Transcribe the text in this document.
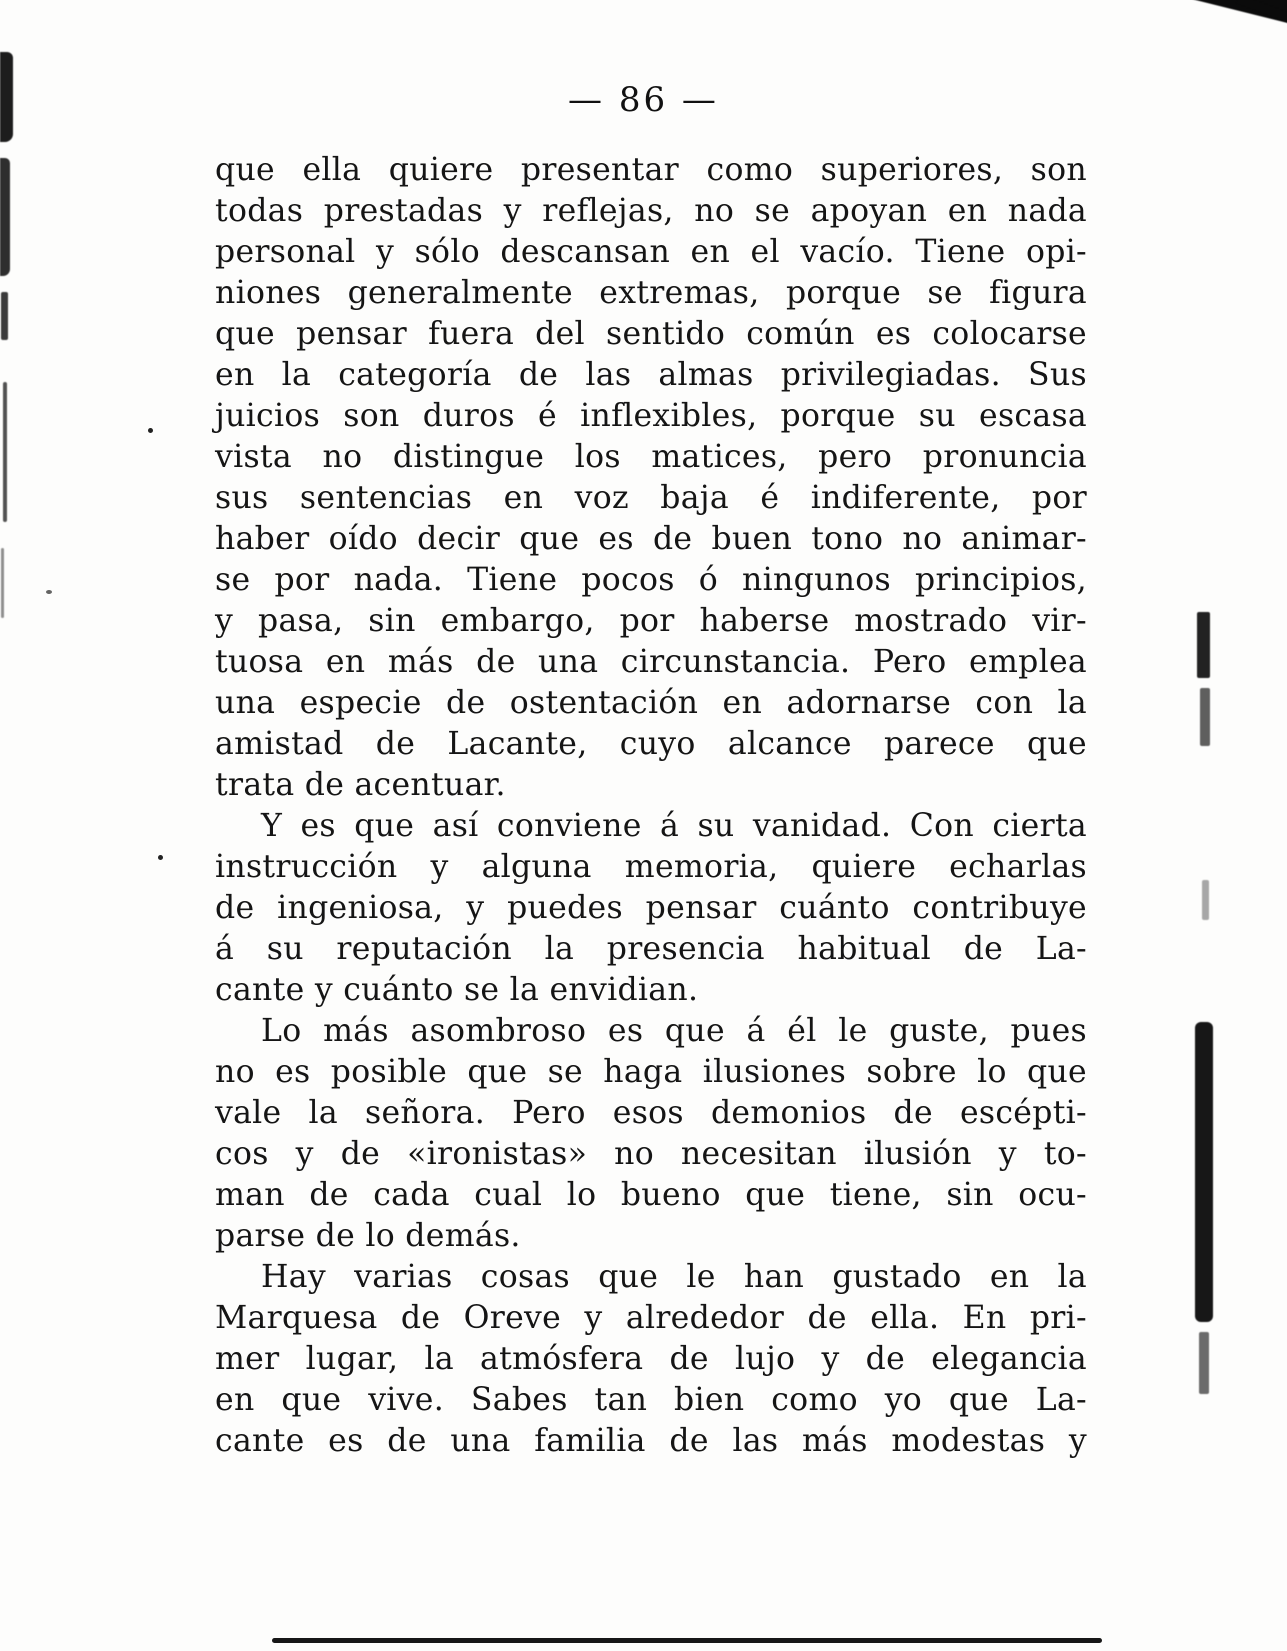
— 86 —
que ella quiere presentar como superiores, son
todas prestadas y reflejas, no se apoyan en nada
personal y sólo descansan en el vacío. Tiene opi-
niones generalmente extremas, porque se figura
que pensar fuera del sentido común es colocarse
en la categoría de las almas privilegiadas. Sus
juicios son duros é inflexibles, porque su escasa
vista no distingue los matices, pero pronuncia
sus sentencias en voz baja é indiferente, por
haber oído decir que es de buen tono no animar-
se por nada. Tiene pocos ó ningunos principios,
y pasa, sin embargo, por haberse mostrado vir-
tuosa en más de una circunstancia. Pero emplea
una especie de ostentación en adornarse con la
amistad de Lacante, cuyo alcance parece que
trata de acentuar.
Y es que así conviene á su vanidad. Con cierta
instrucción y alguna memoria, quiere echarlas
de ingeniosa, y puedes pensar cuánto contribuye
á su reputación la presencia habitual de La-
cante y cuánto se la envidian.
Lo más asombroso es que á él le guste, pues
no es posible que se haga ilusiones sobre lo que
vale la señora. Pero esos demonios de escépti-
cos y de «ironistas» no necesitan ilusión y to-
man de cada cual lo bueno que tiene, sin ocu-
parse de lo demás.
Hay varias cosas que le han gustado en la
Marquesa de Oreve y alrededor de ella. En pri-
mer lugar, la atmósfera de lujo y de elegancia
en que vive. Sabes tan bien como yo que La-
cante es de una familia de las más modestas y
